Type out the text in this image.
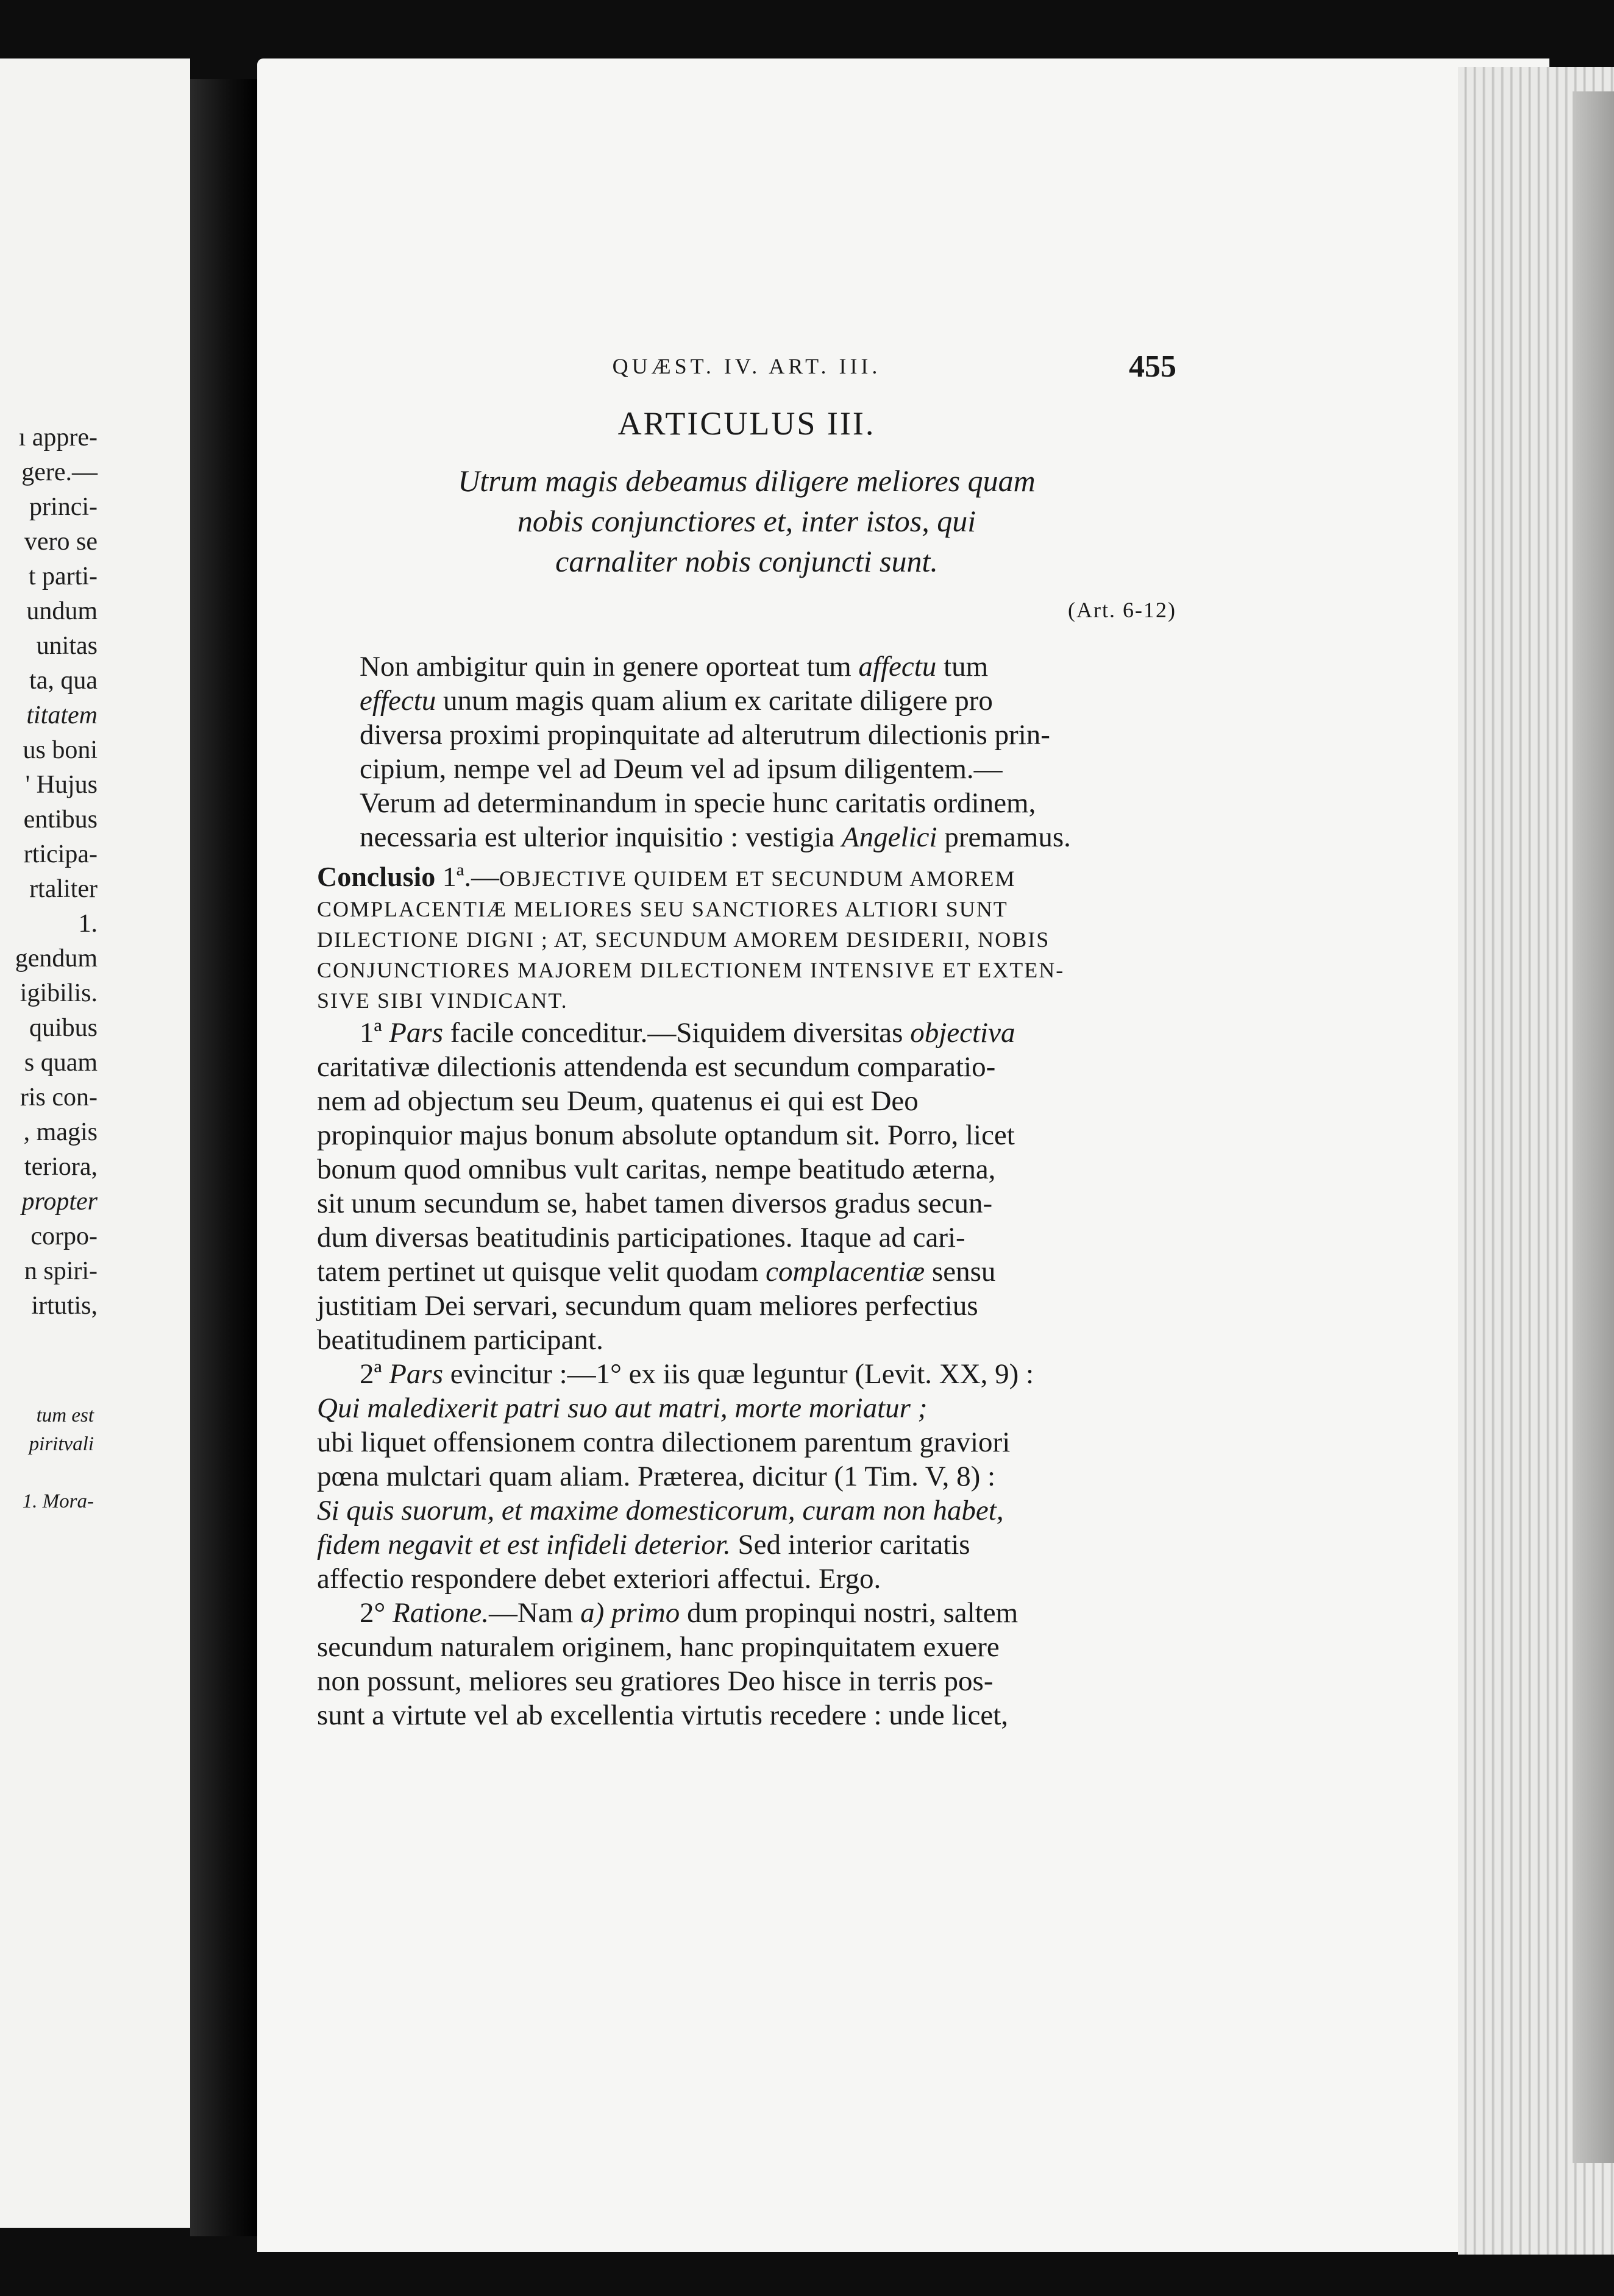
ı appre-
gere.—
princi-
vero se
t parti-
undum
unitas
ta, qua
titatem
us boni
' Hujus
entibus
rticipa-
rtaliter
1.
gendum
igibilis.
quibus
s quam
ris con-
, magis
teriora,
propter
corpo-
n spiri-
irtutis,
tum est
piritvali

1. Mora-
QUÆST. IV. ART. III.	455
ARTICULUS III.
Utrum magis debeamus diligere meliores quam
nobis conjunctiores et, inter istos, qui
carnaliter nobis conjuncti sunt.
(Art. 6-12)
Non ambigitur quin in genere oporteat tum affectu tum
effectu unum magis quam alium ex caritate diligere pro
diversa proximi propinquitate ad alterutrum dilectionis prin-
cipium, nempe vel ad Deum vel ad ipsum diligentem.—
Verum ad determinandum in specie hunc caritatis ordinem,
necessaria est ulterior inquisitio : vestigia Angelici premamus.
Conclusio 1ª.—OBJECTIVE QUIDEM ET SECUNDUM AMOREM
COMPLACENTIÆ MELIORES SEU SANCTIORES ALTIORI SUNT
DILECTIONE DIGNI ; AT, SECUNDUM AMOREM DESIDERII, NOBIS
CONJUNCTIORES MAJOREM DILECTIONEM INTENSIVE ET EXTEN-
SIVE SIBI VINDICANT.
1ª Pars facile conceditur.—Siquidem diversitas objectiva
caritativæ dilectionis attendenda est secundum comparatio-
nem ad objectum seu Deum, quatenus ei qui est Deo
propinquior majus bonum absolute optandum sit. Porro, licet
bonum quod omnibus vult caritas, nempe beatitudo æterna,
sit unum secundum se, habet tamen diversos gradus secun-
dum diversas beatitudinis participationes. Itaque ad cari-
tatem pertinet ut quisque velit quodam complacentiæ sensu
justitiam Dei servari, secundum quam meliores perfectius
beatitudinem participant.
2ª Pars evincitur :—1° ex iis quæ leguntur (Levit. XX, 9) :
Qui maledixerit patri suo aut matri, morte moriatur ;
ubi liquet offensionem contra dilectionem parentum graviori
pœna mulctari quam aliam. Præterea, dicitur (1 Tim. V, 8) :
Si quis suorum, et maxime domesticorum, curam non habet,
fidem negavit et est infideli deterior. Sed interior caritatis
affectio respondere debet exteriori affectui. Ergo.
2° Ratione.—Nam a) primo dum propinqui nostri, saltem
secundum naturalem originem, hanc propinquitatem exuere
non possunt, meliores seu gratiores Deo hisce in terris pos-
sunt a virtute vel ab excellentia virtutis recedere : unde licet,
